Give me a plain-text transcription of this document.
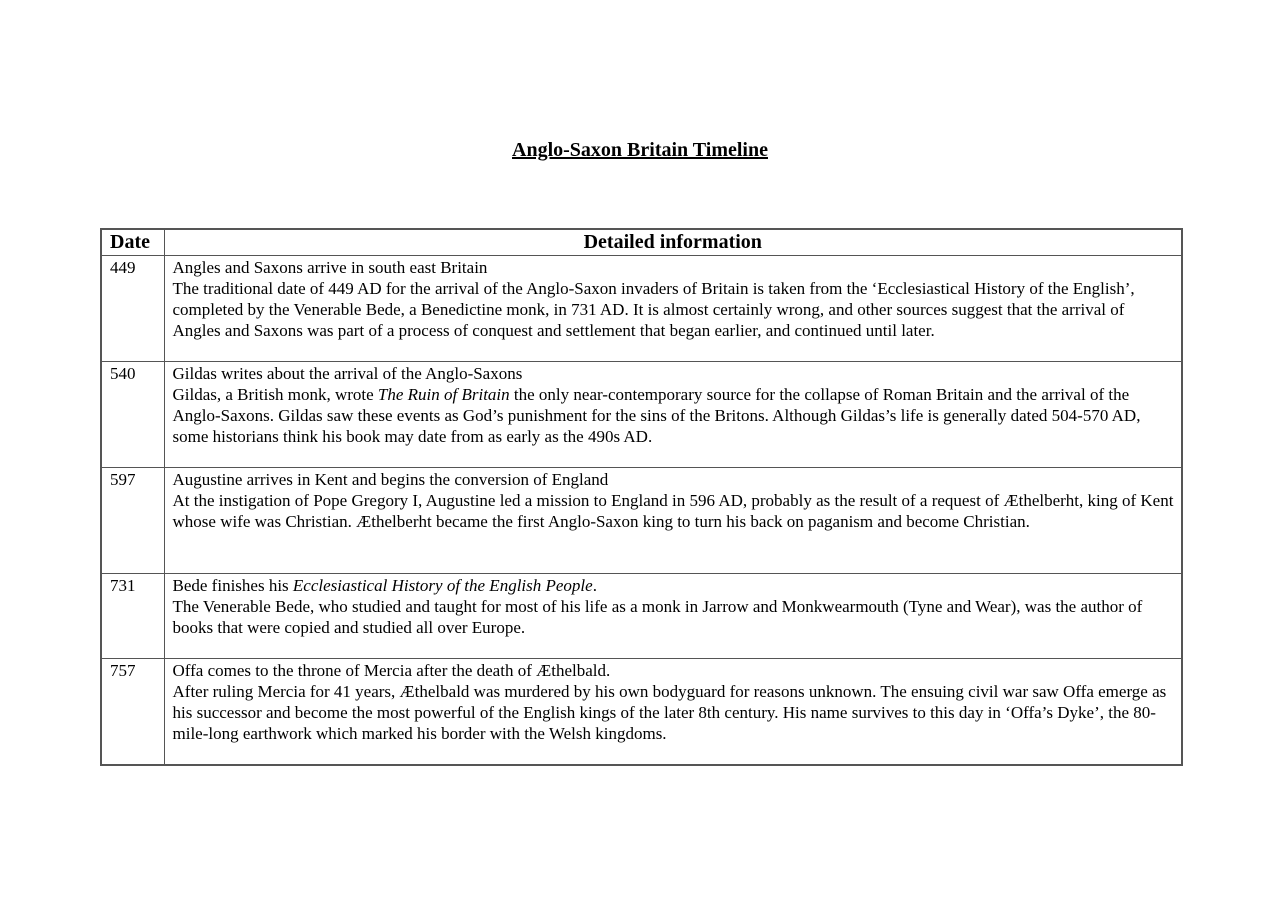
Anglo-Saxon Britain Timeline
Date	Detailed information
449	Angles and Saxons arrive in south east Britain
The traditional date of 449 AD for the arrival of the Anglo-Saxon invaders of Britain is taken from the ‘Ecclesiastical History of the English’, completed by the Venerable Bede, a Benedictine monk, in 731 AD. It is almost certainly wrong, and other sources suggest that the arrival of Angles and Saxons was part of a process of conquest and settlement that began earlier, and continued until later.

540	Gildas writes about the arrival of the Anglo-Saxons
Gildas, a British monk, wrote The Ruin of Britain the only near-contemporary source for the collapse of Roman Britain and the arrival of the Anglo-Saxons. Gildas saw these events as God’s punishment for the sins of the Britons. Although Gildas’s life is generally dated 504-570 AD, some historians think his book may date from as early as the 490s AD.

597	Augustine arrives in Kent and begins the conversion of England
At the instigation of Pope Gregory I, Augustine led a mission to England in 596 AD, probably as the result of a request of Æthelberht, king of Kent whose wife was Christian. Æthelberht became the first Anglo-Saxon king to turn his back on paganism and become Christian.

731	Bede finishes his Ecclesiastical History of the English People.
The Venerable Bede, who studied and taught for most of his life as a monk in Jarrow and Monkwearmouth (Tyne and Wear), was the author of books that were copied and studied all over Europe.

757	Offa comes to the throne of Mercia after the death of Æthelbald.
After ruling Mercia for 41 years, Æthelbald was murdered by his own bodyguard for reasons unknown. The ensuing civil war saw Offa emerge as his successor and become the most powerful of the English kings of the later 8th century. His name survives to this day in ‘Offa’s Dyke’, the 80-mile-long earthwork which marked his border with the Welsh kingdoms.
